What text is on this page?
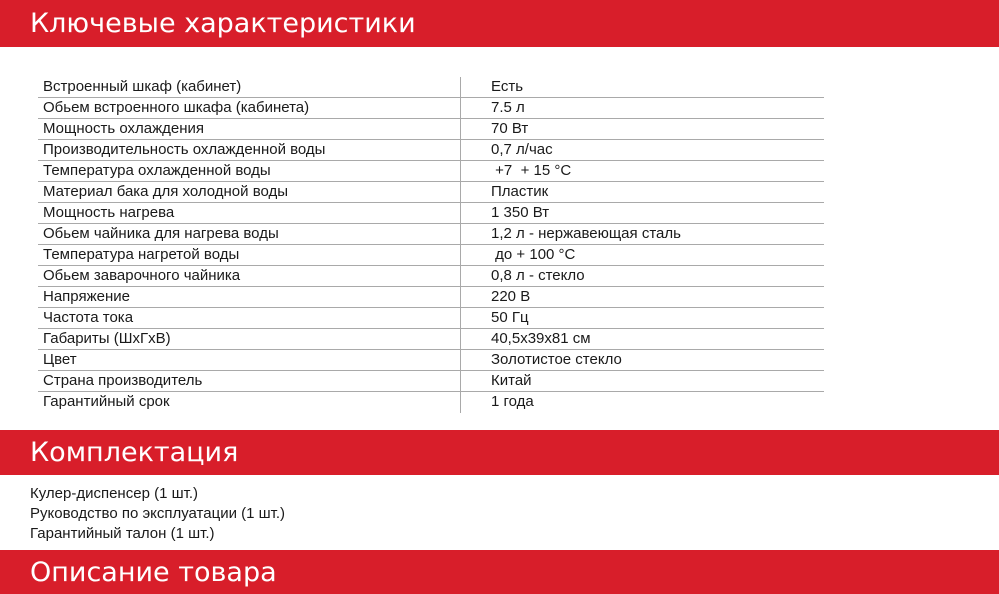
Ключевые характеристики
Встроенный шкаф (кабинет)	Есть
Обьем встроенного шкафа (кабинета)	7.5 л
Мощность охлаждения	70 Вт
Производительность охлажденной воды	0,7 л/час
Температура охлажденной воды	+7  + 15 °С
Материал бака для холодной воды	Пластик
Мощность нагрева	1 350 Вт
Обьем чайника для нагрева воды	1,2 л - нержавеющая сталь
Температура нагретой воды	до + 100 °С
Обьем заварочного чайника	0,8 л - стекло
Напряжение	220 В
Частота тока	50 Гц
Габариты (ШхГхВ)	40,5х39х81 см
Цвет	Золотистое стекло
Страна производитель	Китай
Гарантийный срок	1 года
Комплектация
Кулер-диспенсер (1 шт.)
Руководство по эксплуатации (1 шт.)
Гарантийный талон (1 шт.)
Описание товара
